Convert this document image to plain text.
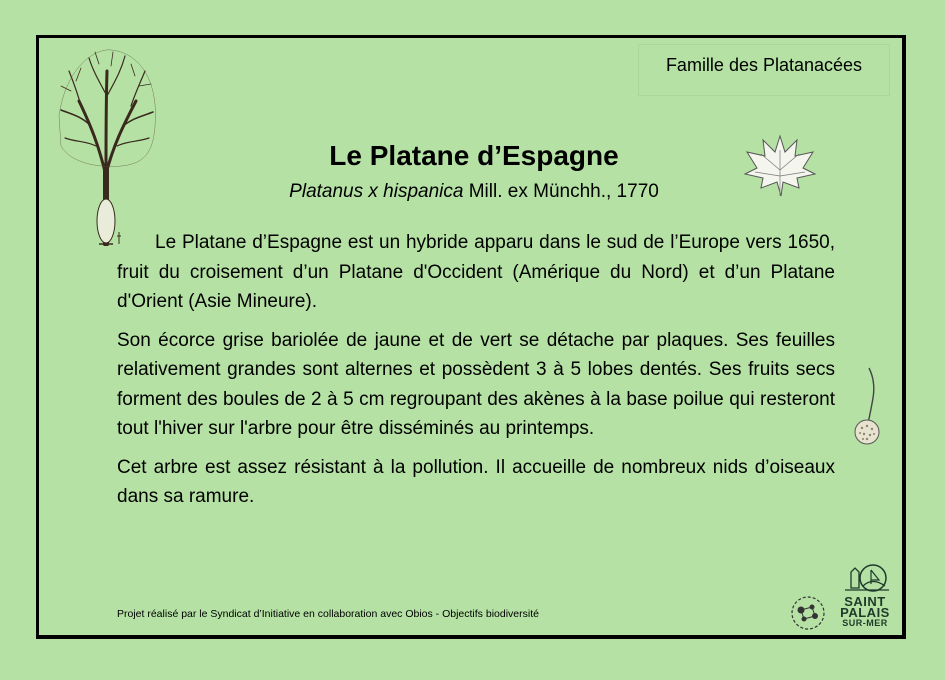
Famille des Platanacées
Le Platane d’Espagne
Platanus x hispanica Mill. ex Münchh., 1770

Le Platane d’Espagne est un hybride apparu dans le sud de l’Europe vers 1650, fruit du croisement d’un Platane d'Occident (Amérique du Nord) et d’un Platane d'Orient (Asie Mineure).

Son écorce grise bariolée de jaune et de vert se détache par plaques. Ses feuilles relativement grandes sont alternes et possèdent 3 à 5 lobes dentés. Ses fruits secs forment des boules de 2 à 5 cm regroupant des akènes à la base poilue qui resteront tout l'hiver sur l'arbre pour être disséminés au printemps.

Cet arbre est assez résistant à la pollution. Il accueille de nombreux nids d’oiseaux dans sa ramure.

Projet réalisé par le Syndicat d’Initiative en collaboration avec Obios - Objectifs biodiversité
SAINT
PALAIS
SUR-MER
